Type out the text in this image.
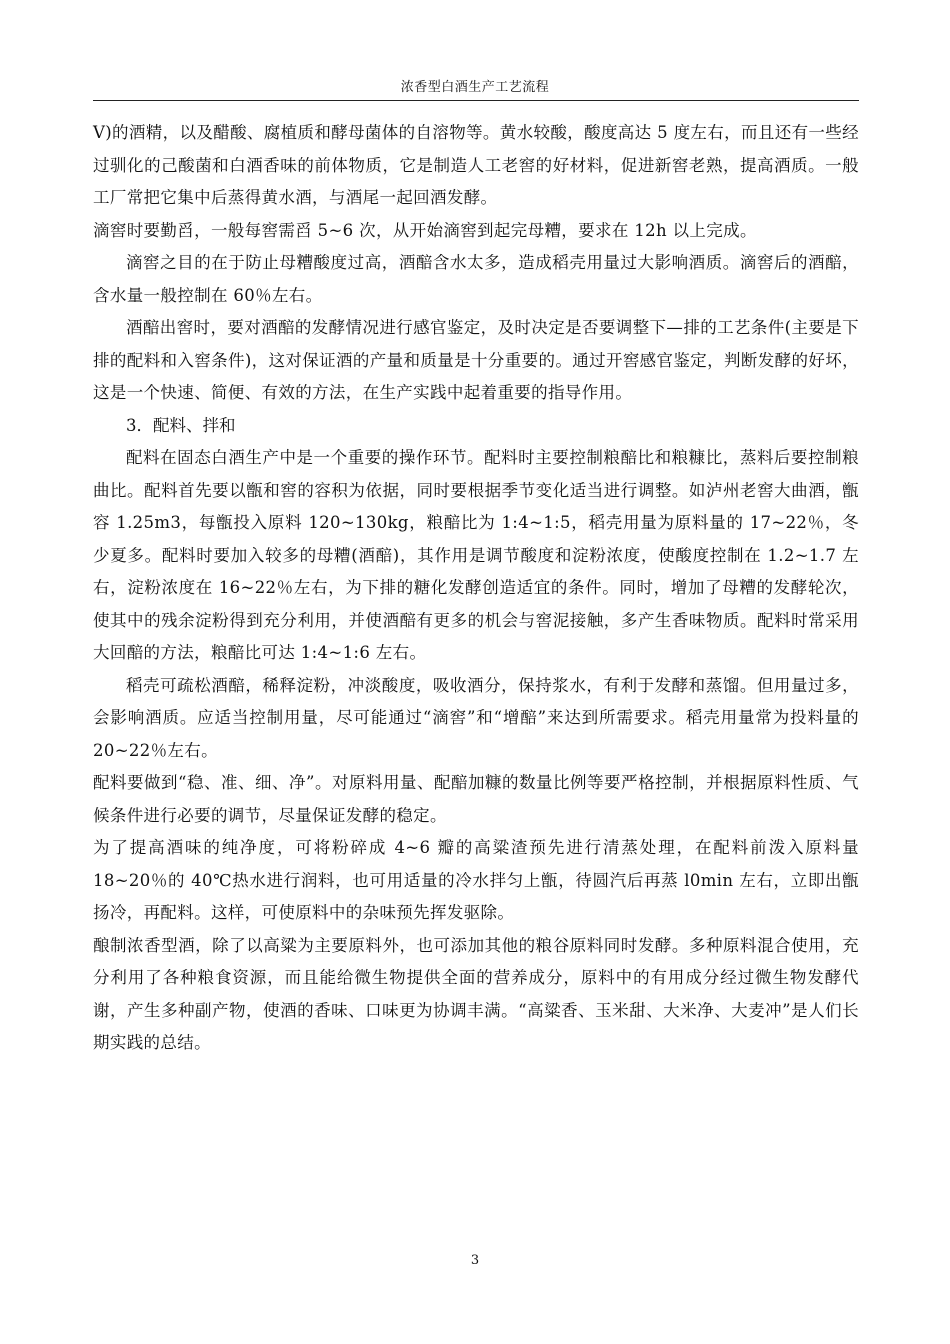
浓香型白酒生产工艺流程

V)的酒精，以及醋酸、腐植质和酵母菌体的自溶物等。黄水较酸，酸度高达 5 度左右，而且还有一些经过驯化的己酸菌和白酒香味的前体物质，它是制造人工老窖的好材料，促进新窖老熟，提高酒质。一般工厂常把它集中后蒸得黄水酒，与酒尾一起回酒发酵。

滴窖时要勤舀，一般每窖需舀 5~6 次，从开始滴窖到起完母糟，要求在 12h 以上完成。

滴窖之目的在于防止母糟酸度过高，酒醅含水太多，造成稻壳用量过大影响酒质。滴窖后的酒醅，含水量一般控制在 60％左右。

酒醅出窖时，要对酒醅的发酵情况进行感官鉴定，及时决定是否要调整下—排的工艺条件(主要是下排的配料和入窖条件)，这对保证酒的产量和质量是十分重要的。通过开窖感官鉴定，判断发酵的好坏，这是一个快速、简便、有效的方法，在生产实践中起着重要的指导作用。

3．配料、拌和

配料在固态白酒生产中是一个重要的操作环节。配料时主要控制粮醅比和粮糠比，蒸料后要控制粮曲比。配料首先要以甑和窖的容积为依据，同时要根据季节变化适当进行调整。如泸州老窖大曲酒，甑容 1.25m3，每甑投入原料 120~130kg，粮醅比为 1:4~1:5，稻壳用量为原料量的 17~22％，冬少夏多。配料时要加入较多的母糟(酒醅)，其作用是调节酸度和淀粉浓度，使酸度控制在 1.2~1.7 左右，淀粉浓度在 16~22％左右，为下排的糖化发酵创造适宜的条件。同时，增加了母糟的发酵轮次，使其中的残余淀粉得到充分利用，并使酒醅有更多的机会与窖泥接触，多产生香味物质。配料时常采用大回醅的方法，粮醅比可达 1:4~1:6 左右。

稻壳可疏松酒醅，稀释淀粉，冲淡酸度，吸收酒分，保持浆水，有利于发酵和蒸馏。但用量过多，会影响酒质。应适当控制用量，尽可能通过“滴窖”和“增醅”来达到所需要求。稻壳用量常为投料量的 20~22％左右。

配料要做到“稳、准、细、净”。对原料用量、配醅加糠的数量比例等要严格控制，并根据原料性质、气候条件进行必要的调节，尽量保证发酵的稳定。

为了提高酒味的纯净度，可将粉碎成 4~6 瓣的高粱渣预先进行清蒸处理，在配料前泼入原料量 18~20％的 40℃热水进行润料，也可用适量的冷水拌匀上甑，待圆汽后再蒸 l0min 左右，立即出甑扬冷，再配料。这样，可使原料中的杂味预先挥发驱除。

酿制浓香型酒，除了以高粱为主要原料外，也可添加其他的粮谷原料同时发酵。多种原料混合使用，充分利用了各种粮食资源，而且能给微生物提供全面的营养成分，原料中的有用成分经过微生物发酵代谢，产生多种副产物，使酒的香味、口味更为协调丰满。“高粱香、玉米甜、大米净、大麦冲”是人们长期实践的总结。

3
